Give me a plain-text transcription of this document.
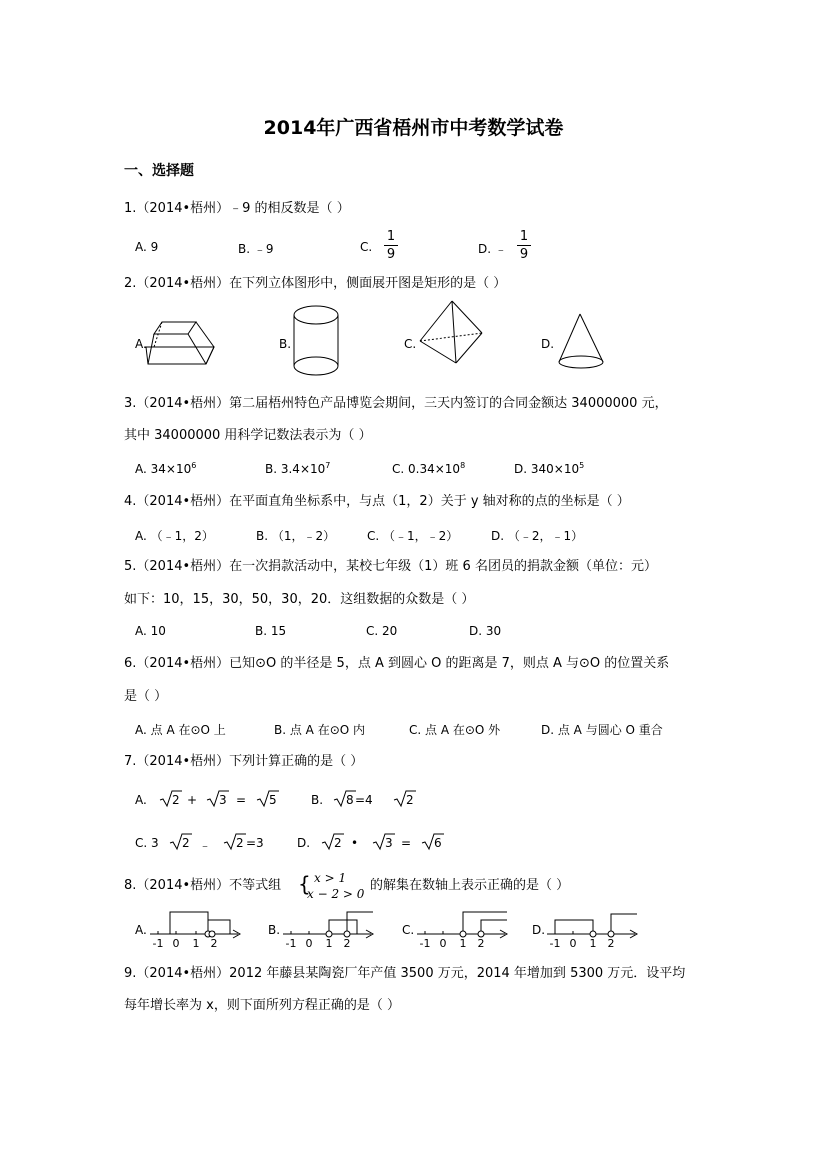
2014年广西省梧州市中考数学试卷
一、选择题
1.（2014•梧州）﹣9 的相反数是（ ）
A. 9	B. ﹣9	C.
1
9	D. ﹣
1
9
2.（2014•梧州）在下列立体图形中，侧面展开图是矩形的是（ ）
A.	B.	C.	D.
3.（2014•梧州）第二届梧州特色产品博览会期间，三天内签订的合同金额达 34000000 元，
其中 34000000 用科学记数法表示为（ ）
A. $34\times 10^6$	B. $3.4\times 10^7$	C. $0.34\times 10^8$	D. $340\times 10^5$
4.（2014•梧州）在平面直角坐标系中，与点（1，2）关于 y 轴对称的点的坐标是（ ）
A. （﹣1，2）	B. （1，﹣2）	C. （﹣1，﹣2）	D. （﹣2，﹣1）
5.（2014•梧州）在一次捐款活动中，某校七年级（1）班 6 名团员的捐款金额（单位：元）
如下：10，15，30，50，30，20．这组数据的众数是（ ）
A. 10	B. 15	C. 20	D. 30
6.（2014•梧州）已知⊙O 的半径是 5，点 A 到圆心 O 的距离是 7，则点 A 与⊙O 的位置关系
是（ ）
A. 点 A 在⊙O 上	B. 点 A 在⊙O 内	C. 点 A 在⊙O 外	D. 点 A 与圆心 O 重合
7.（2014•梧州）下列计算正确的是（ ）
A. 2 + 3 = 5	B. 8 =4	2
C. 3 2 ﹣ 2 =3	D. 2 • 3 = 6
8.（2014•梧州）不等式组 { x > 1
x − 2 > 0
的解集在数轴上表示正确的是（ ）
A.
-1 0 1 2
B.
-1 0 1 2
C.
-1 0 1 2
D.
-1 0 1 2
9.（2014•梧州）2012 年藤县某陶瓷厂年产值 3500 万元，2014 年增加到 5300 万元．设平均
每年增长率为 x，则下面所列方程正确的是（ ）
